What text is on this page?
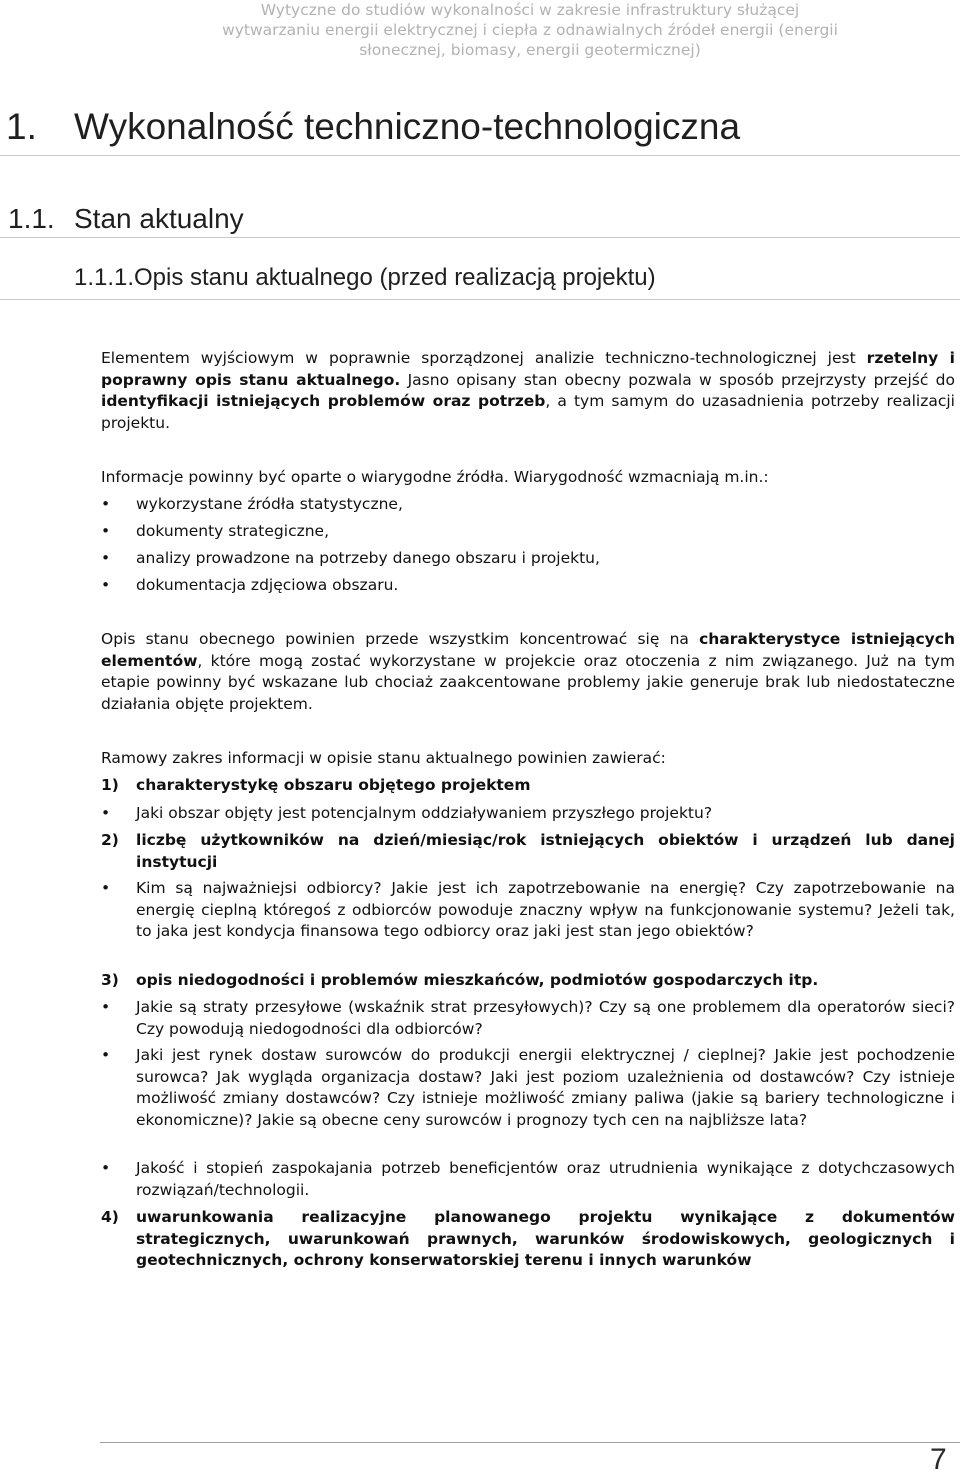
Wytyczne do studiów wykonalności w zakresie infrastruktury służącej
wytwarzaniu energii elektrycznej i ciepła z odnawialnych źródeł energii (energii
słonecznej, biomasy, energii geotermicznej)
1. Wykonalność techniczno-technologiczna
1.1. Stan aktualny
1.1.1.Opis stanu aktualnego (przed realizacją projektu)
Elementem wyjściowym w poprawnie sporządzonej analizie techniczno-technologicznej jest rzetelny i poprawny opis stanu aktualnego. Jasno opisany stan obecny pozwala w sposób przejrzysty przejść do identyfikacji istniejących problemów oraz potrzeb, a tym samym do uzasadnienia potrzeby realizacji projektu.
Informacje powinny być oparte o wiarygodne źródła. Wiarygodność wzmacniają m.in.:
• wykorzystane źródła statystyczne,
• dokumenty strategiczne,
• analizy prowadzone na potrzeby danego obszaru i projektu,
• dokumentacja zdjęciowa obszaru.
Opis stanu obecnego powinien przede wszystkim koncentrować się na charakterystyce istniejących elementów, które mogą zostać wykorzystane w projekcie oraz otoczenia z nim związanego. Już na tym etapie powinny być wskazane lub chociaż zaakcentowane problemy jakie generuje brak lub niedostateczne działania objęte projektem.
Ramowy zakres informacji w opisie stanu aktualnego powinien zawierać:
1) charakterystykę obszaru objętego projektem
• Jaki obszar objęty jest potencjalnym oddziaływaniem przyszłego projektu?
2) liczbę użytkowników na dzień/miesiąc/rok istniejących obiektów i urządzeń lub danej instytucji
• Kim są najważniejsi odbiorcy? Jakie jest ich zapotrzebowanie na energię? Czy zapotrzebowanie na energię cieplną któregoś z odbiorców powoduje znaczny wpływ na funkcjonowanie systemu? Jeżeli tak, to jaka jest kondycja finansowa tego odbiorcy oraz jaki jest stan jego obiektów?
3) opis niedogodności i problemów mieszkańców, podmiotów gospodarczych itp.
• Jakie są straty przesyłowe (wskaźnik strat przesyłowych)? Czy są one problemem dla operatorów sieci? Czy powodują niedogodności dla odbiorców?
• Jaki jest rynek dostaw surowców do produkcji energii elektrycznej / cieplnej? Jakie jest pochodzenie surowca? Jak wygląda organizacja dostaw? Jaki jest poziom uzależnienia od dostawców? Czy istnieje możliwość zmiany dostawców? Czy istnieje możliwość zmiany paliwa (jakie są bariery technologiczne i ekonomiczne)? Jakie są obecne ceny surowców i prognozy tych cen na najbliższe lata?
• Jakość i stopień zaspokajania potrzeb beneficjentów oraz utrudnienia wynikające z dotychczasowych rozwiązań/technologii.
4) uwarunkowania realizacyjne planowanego projektu wynikające z dokumentów strategicznych, uwarunkowań prawnych, warunków środowiskowych, geologicznych i geotechnicznych, ochrony konserwatorskiej terenu i innych warunków
7
